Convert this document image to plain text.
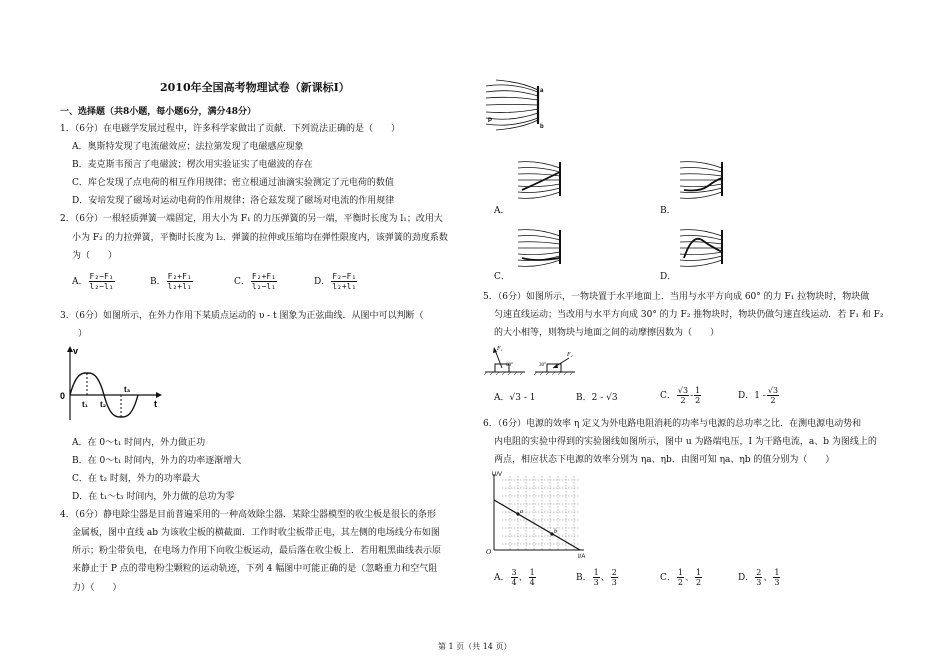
2010年全国高考物理试卷（新课标Ⅰ）
一、选择题（共8小题，每小题6分，满分48分）
1．（6分）在电磁学发展过程中，许多科学家做出了贡献．下列说法正确的是（　　）
A．奥斯特发现了电流磁效应；法拉第发现了电磁感应现象
B．麦克斯韦预言了电磁波；楞次用实验证实了电磁波的存在
C．库仑发现了点电荷的相互作用规律；密立根通过油滴实验测定了元电荷的数值
D．安培发现了磁场对运动电荷的作用规律；洛仑兹发现了磁场对电流的作用规律
2．（6分）一根轻质弹簧一端固定，用大小为 F₁ 的力压弹簧的另一端，平衡时长度为 l₁；改用大
小为 F₂ 的力拉弹簧，平衡时长度为 l₂．弹簧的拉伸或压缩均在弹性限度内，该弹簧的劲度系数
为（　　）
A． $\frac{\text{F₂−F₁}}{\text{l₂−l₁}}$	B． $\frac{\text{F₂+F₁}}{\text{l₂+l₁}}$	C． $\frac{\text{F₂+F₁}}{\text{l₂−l₁}}$	D． $\frac{\text{F₂−F₁}}{\text{l₂+l₁}}$
3．（6分）如图所示，在外力作用下某质点运动的 υ - t 图象为正弦曲线．从图中可以判断（
）
v
0
t₁ t₂
t₃
t
A．在 0～t₁ 时间内，外力做正功
B．在 0～t₁ 时间内，外力的功率逐渐增大
C．在 t₂ 时刻，外力的功率最大
D．在 t₁～t₃ 时间内，外力做的总功为零
4．（6分）静电除尘器是目前普遍采用的一种高效除尘器．某除尘器模型的收尘板是很长的条形
金属板，图中直线 ab 为该收尘板的横截面．工作时收尘板带正电，其左侧的电场线分布如图
所示；粉尘带负电，在电场力作用下向收尘板运动，最后落在收尘板上．若用粗黑曲线表示原
来静止于 P 点的带电粉尘颗粒的运动轨迹，下列 4 幅图中可能正确的是（忽略重力和空气阻
力）（　　）
a
b
P
A．	B．
C．	D．
5．（6分）如图所示，一物块置于水平地面上．当用与水平方向成 60° 的力 F₁ 拉物块时，物块做
匀速直线运动；当改用与水平方向成 30° 的力 F₂ 推物块时，物块仍做匀速直线运动．若 F₁ 和 F₂
的大小相等，则物块与地面之间的动摩擦因数为（　　）
F₁
60°
F₂
30°
A．√3 - 1	B．2 - √3	C． $\frac{√3}{2} - \frac{1}{2}$	D．$1 - \frac{√3}{2}$
6．（6分）电源的效率 η 定义为外电路电阻消耗的功率与电源的总功率之比．在测电源电动势和
内电阻的实验中得到的实验图线如图所示，图中 u 为路端电压，I 为干路电流，a、b 为图线上的
两点，相应状态下电源的效率分别为 ηa、ηb．由图可知 ηa、ηb 的值分别为（　　）
U/V
I/A
O
a
b
A． $\frac{3}{4}$ 、 $\frac{1}{4}$	B． $\frac{1}{3}$ 、 $\frac{2}{3}$	C． $\frac{1}{2}$ 、 $\frac{1}{2}$	D． $\frac{2}{3}$ 、 $\frac{1}{3}$
第 1 页（共 14 页）
